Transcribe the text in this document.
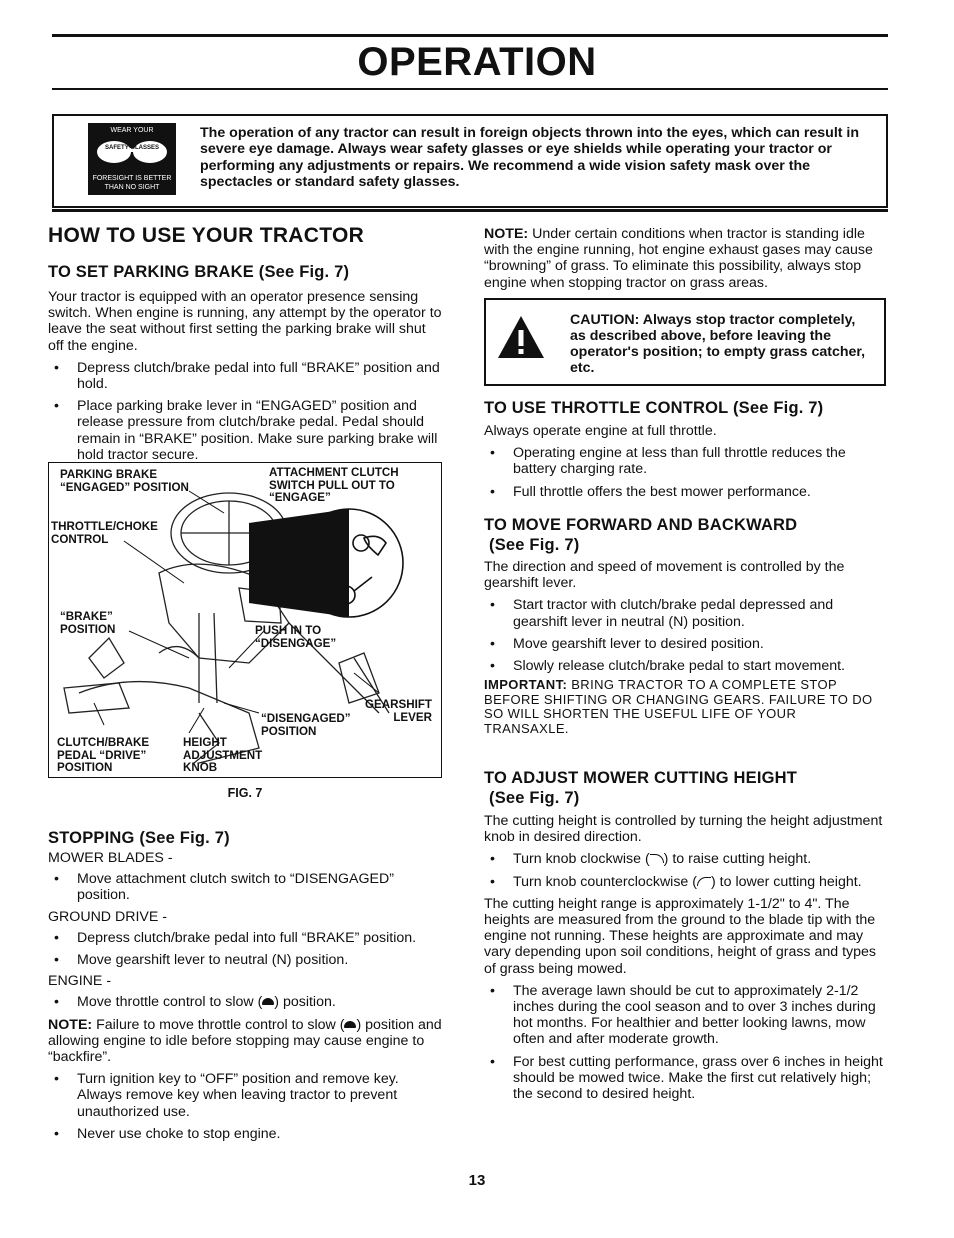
OPERATION
WEAR YOUR
SAFETY GLASSES
FORESIGHT IS BETTER
THAN NO SIGHT
The operation of any tractor can result in foreign objects thrown into the eyes, which can result in severe eye damage. Always wear safety glasses or eye shields while operating your tractor or performing any adjustments or repairs. We recommend a wide vision safety mask over the spectacles or standard safety glasses.
HOW TO USE YOUR TRACTOR
TO SET PARKING BRAKE (See Fig. 7)
Your tractor is equipped with an operator presence sensing switch. When engine is running, any attempt by the operator to leave the seat without first setting the parking brake will shut off the engine.
• Depress clutch/brake pedal into full “BRAKE” position and hold.
• Place parking brake lever in “ENGAGED” position and release pressure from clutch/brake pedal. Pedal should remain in “BRAKE” position. Make sure parking brake will hold tractor secure.
PARKING BRAKE
“ENGAGED” POSITION
ATTACHMENT CLUTCH
SWITCH PULL OUT TO
“ENGAGE”
THROTTLE/CHOKE
CONTROL
“BRAKE”
POSITION	PUSH IN TO
“DISENGAGE”
GEARSHIFT
LEVER
“DISENGAGED”
POSITION
CLUTCH/BRAKE
PEDAL “DRIVE”
POSITION
HEIGHT
ADJUSTMENT
KNOB
FIG. 7
STOPPING (See Fig. 7)
MOWER BLADES -
• Move attachment clutch switch to “DISENGAGED” position.
GROUND DRIVE -
• Depress clutch/brake pedal into full “BRAKE” position.
• Move gearshift lever to neutral (N) position.
ENGINE -
• Move throttle control to slow ( ) position.
NOTE: Failure to move throttle control to slow ( ) position and allowing engine to idle before stopping may cause engine to “backfire”.
• Turn ignition key to “OFF” position and remove key. Always remove key when leaving tractor to prevent unauthorized use.
• Never use choke to stop engine.
NOTE: Under certain conditions when tractor is standing idle with the engine running, hot engine exhaust gases may cause “browning” of grass. To eliminate this possibility, always stop engine when stopping tractor on grass areas.
CAUTION: Always stop tractor completely, as described above, before leaving the operator's position; to empty grass catcher, etc.
TO USE THROTTLE CONTROL (See Fig. 7)
Always operate engine at full throttle.
• Operating engine at less than full throttle reduces the battery charging rate.
• Full throttle offers the best mower performance.
TO MOVE FORWARD AND BACKWARD
(See Fig. 7)
The direction and speed of movement is controlled by the gearshift lever.
• Start tractor with clutch/brake pedal depressed and gearshift lever in neutral (N) position.
• Move gearshift lever to desired position.
• Slowly release clutch/brake pedal to start movement.
IMPORTANT: BRING TRACTOR TO A COMPLETE STOP BEFORE SHIFTING OR CHANGING GEARS. FAILURE TO DO SO WILL SHORTEN THE USEFUL LIFE OF YOUR TRANSAXLE.
TO ADJUST MOWER CUTTING HEIGHT
(See Fig. 7)
The cutting height is controlled by turning the height adjustment knob in desired direction.
• Turn knob clockwise ( ) to raise cutting height.
• Turn knob counterclockwise ( ) to lower cutting height.
The cutting height range is approximately 1-1/2" to 4". The heights are measured from the ground to the blade tip with the engine not running. These heights are approximate and may vary depending upon soil conditions, height of grass and types of grass being mowed.
• The average lawn should be cut to approximately 2-1/2 inches during the cool season and to over 3 inches during hot months. For healthier and better looking lawns, mow often and after moderate growth.
• For best cutting performance, grass over 6 inches in height should be mowed twice. Make the first cut relatively high; the second to desired height.
13
